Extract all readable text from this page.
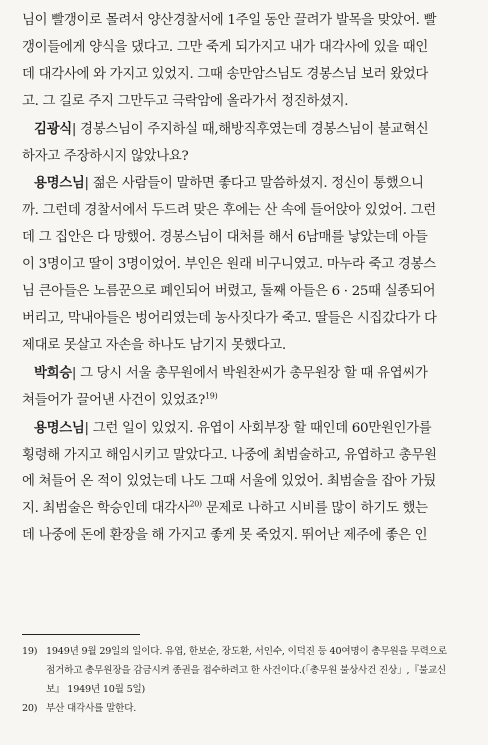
님이 빨갱이로 몰려서 양산경찰서에 1주일 동안 끌려가 발목을 맞았어. 빨
갱이들에게 양식을 댔다고. 그만 죽게 되가지고 내가 대각사에 있을 때인
데 대각사에 와 가지고 있었지. 그때 송만암스님도 경봉스님 보러 왔었다
고. 그 길로 주지 그만두고 극락암에 올라가서 정진하셨지.
김광식| 경봉스님이 주지하실 때,해방직후였는데 경봉스님이 불교혁신
하자고 주장하시지 않았나요?
용명스님| 젊은 사람들이 말하면 좋다고 말씀하셨지. 정신이 통했으니
까. 그런데 경찰서에서 두드려 맞은 후에는 산 속에 들어앉아 있었어. 그런
데 그 집안은 다 망했어. 경봉스님이 대처를 해서 6남매를 낳았는데 아들
이 3명이고 딸이 3명이었어. 부인은 원래 비구니였고. 마누라 죽고 경봉스
님 큰아들은 노름꾼으로 폐인되어 버렸고, 둘째 아들은 6 · 25때 실종되어
버리고, 막내아들은 벙어리였는데 농사짓다가 죽고. 딸들은 시집갔다가 다
제대로 못살고 자손을 하나도 남기지 못했다고.
박희승| 그 당시 서울 총무원에서 박원찬씨가 총무원장 할 때 유엽씨가
쳐들어가 끌어낸 사건이 있었죠?$^{19)}$
용명스님| 그런 일이 있었지. 유엽이 사회부장 할 때인데 60만원인가를
횡령해 가지고 해임시키고 말았다고. 나중에 최범술하고, 유엽하고 총무원
에 쳐들어 온 적이 있었는데 나도 그때 서울에 있었어. 최범술을 잡아 가뒀
지. 최범술은 학승인데 대각사$^{20)}$ 문제로 나하고 시비를 많이 하기도 했는
데 나중에 돈에 환장을 해 가지고 좋게 못 죽었지. 뛰어난 제주에 좋은 인
19) 1949년 9월 29일의 일이다. 유엽, 한보순, 장도환, 서인수, 이덕진 등 40여명이 총무원을 무력으로
점거하고 총무원장을 감금시켜 종권을 접수하려고 한 사건이다.(「총무원 불상사건 진상」,『불교신
보』 1949년 10월 5일)
20) 부산 대각사를 말한다.
